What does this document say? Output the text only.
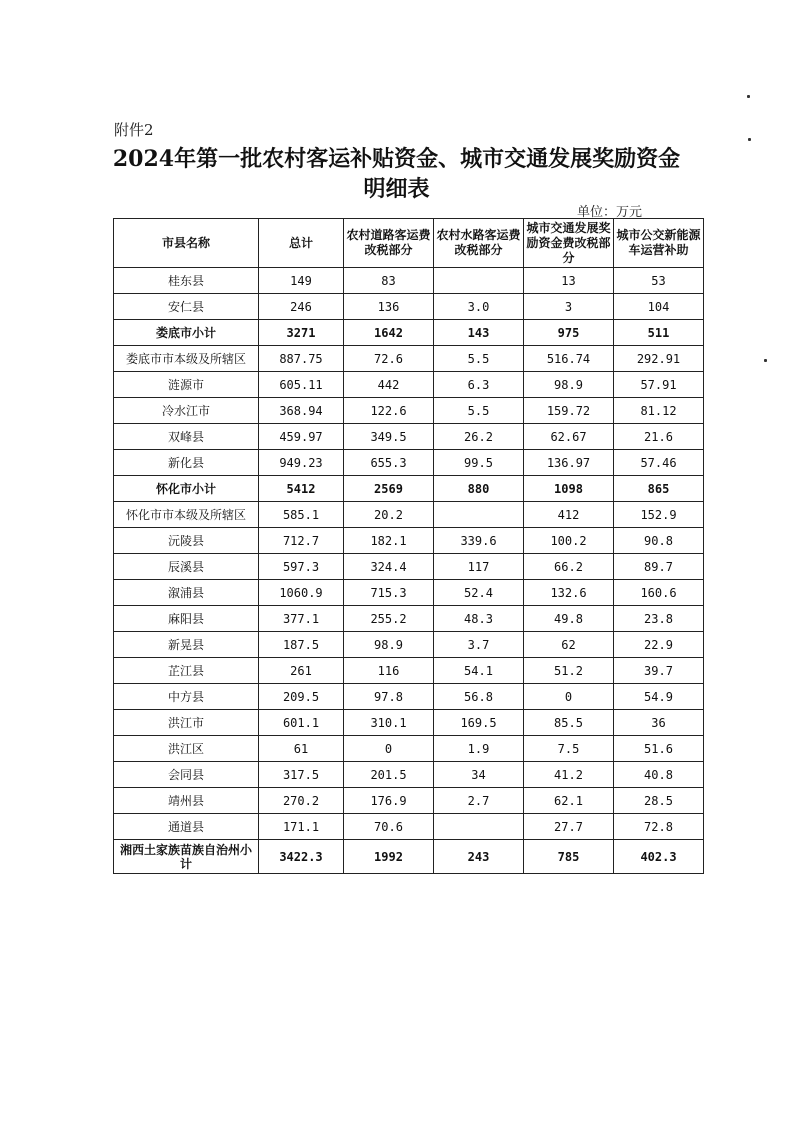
附件2
2024年第一批农村客运补贴资金、城市交通发展奖励资金
明细表
单位：万元
市县名称	总计	农村道路客运费改税部分	农村水路客运费改税部分	城市交通发展奖励资金费改税部分	城市公交新能源车运营补助
桂东县	149	83		13	53
安仁县	246	136	3.0	3	104
娄底市小计	3271	1642	143	975	511
娄底市市本级及所辖区	887.75	72.6	5.5	516.74	292.91
涟源市	605.11	442	6.3	98.9	57.91
冷水江市	368.94	122.6	5.5	159.72	81.12
双峰县	459.97	349.5	26.2	62.67	21.6
新化县	949.23	655.3	99.5	136.97	57.46
怀化市小计	5412	2569	880	1098	865
怀化市市本级及所辖区	585.1	20.2		412	152.9
沅陵县	712.7	182.1	339.6	100.2	90.8
辰溪县	597.3	324.4	117	66.2	89.7
溆浦县	1060.9	715.3	52.4	132.6	160.6
麻阳县	377.1	255.2	48.3	49.8	23.8
新晃县	187.5	98.9	3.7	62	22.9
芷江县	261	116	54.1	51.2	39.7
中方县	209.5	97.8	56.8	0	54.9
洪江市	601.1	310.1	169.5	85.5	36
洪江区	61	0	1.9	7.5	51.6
会同县	317.5	201.5	34	41.2	40.8
靖州县	270.2	176.9	2.7	62.1	28.5
通道县	171.1	70.6		27.7	72.8
湘西土家族苗族自治州小计	3422.3	1992	243	785	402.3
